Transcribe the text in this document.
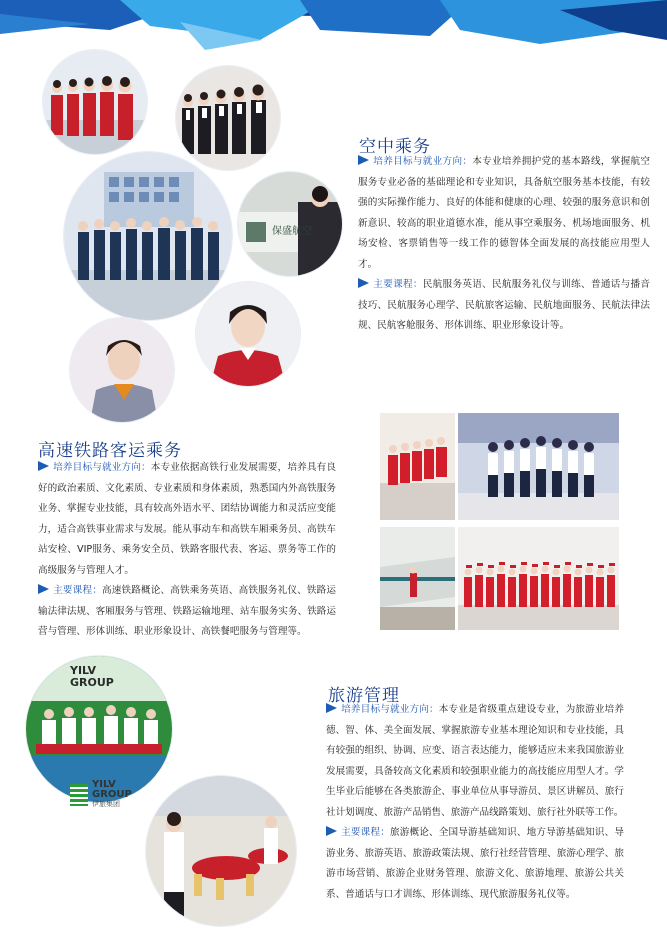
保盛航空
空中乘务

培养目标与就业方向：本专业培养拥护党的基本路线，掌握航空服务专业必备的基础理论和专业知识，具备航空服务基本技能，有较强的实际操作能力、良好的体能和健康的心理、较强的服务意识和创新意识、较高的职业道德水准，能从事空乘服务、机场地面服务、机场安检、客票销售等一线工作的德智体全面发展的高技能应用型人才。

主要课程：民航服务英语、民航服务礼仪与训练、普通话与播音技巧、民航服务心理学、民航旅客运输、民航地面服务、民航法律法规、民航客舱服务、形体训练、职业形象设计等。

高速铁路客运乘务

培养目标与就业方向：本专业依据高铁行业发展需要，培养具有良好的政治素质、文化素质、专业素质和身体素质，熟悉国内外高铁服务业务、掌握专业技能，具有较高外语水平、团结协调能力和灵活应变能力，适合高铁事业需求与发展。能从事动车和高铁车厢乘务员、高铁车站安检、VIP服务、乘务安全员、铁路客服代表、客运、票务等工作的高级服务与管理人才。

主要课程：高速铁路概论、高铁乘务英语、高铁服务礼仪、铁路运输法律法规、客厢服务与管理、铁路运输地理、站车服务实务、铁路运营与管理、形体训练、职业形象设计、高铁餐吧服务与管理等。

YILV
GROUP
YILV
GROUP
伊旅集团
旅游管理

培养目标与就业方向：本专业是省级重点建设专业，为旅游业培养德、智、体、美全面发展、掌握旅游专业基本理论知识和专业技能，具有较强的组织、协调、应变、语言表达能力，能够适应未来我国旅游业发展需要，具备较高文化素质和较强职业能力的高技能应用型人才。学生毕业后能够在各类旅游企、事业单位从事导游员、景区讲解员、旅行社计划调度、旅游产品销售、旅游产品线路策划、旅行社外联等工作。

主要课程：旅游概论、全国导游基础知识、地方导游基础知识、导游业务、旅游英语、旅游政策法规、旅行社经营管理、旅游心理学、旅游市场营销、旅游企业财务管理、旅游文化、旅游地理、旅游公共关系、普通话与口才训练、形体训练、现代旅游服务礼仪等。
